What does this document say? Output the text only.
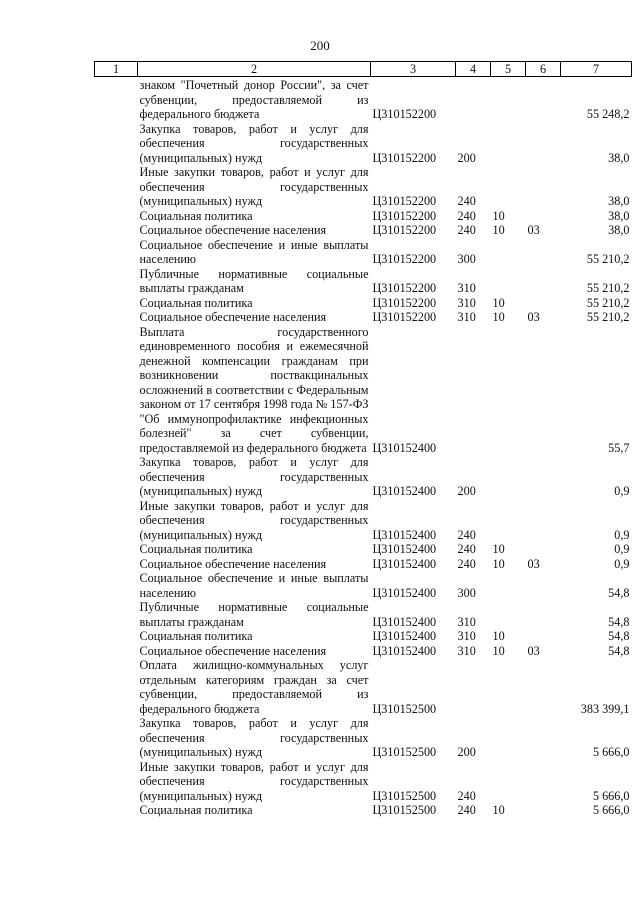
200
1	2	3	4	5	6	7
	знаком "Почетный донор России", за счет субвенции, предоставляемой из федерального бюджета	Ц310152200				55 248,2
	Закупка товаров, работ и услуг для обеспечения государственных (муниципальных) нужд	Ц310152200	200			38,0
	Иные закупки товаров, работ и услуг для обеспечения государственных (муниципальных) нужд	Ц310152200	240			38,0
	Социальная политика	Ц310152200	240	10		38,0
	Социальное обеспечение населения	Ц310152200	240	10	03	38,0
	Социальное обеспечение и иные выплаты населению	Ц310152200	300			55 210,2
	Публичные нормативные социальные выплаты гражданам	Ц310152200	310			55 210,2
	Социальная политика	Ц310152200	310	10		55 210,2
	Социальное обеспечение населения	Ц310152200	310	10	03	55 210,2
	Выплата государственного единовременного пособия и ежемесячной денежной компенсации гражданам при возникновении поствакцинальных осложнений в соответствии с Федеральным законом от 17 сентября 1998 года № 157-ФЗ "Об иммунопрофилактике инфекционных болезней" за счет субвенции, предоставляемой из федерального бюджета	Ц310152400				55,7
	Закупка товаров, работ и услуг для обеспечения государственных (муниципальных) нужд	Ц310152400	200			0,9
	Иные закупки товаров, работ и услуг для обеспечения государственных (муниципальных) нужд	Ц310152400	240			0,9
	Социальная политика	Ц310152400	240	10		0,9
	Социальное обеспечение населения	Ц310152400	240	10	03	0,9
	Социальное обеспечение и иные выплаты населению	Ц310152400	300			54,8
	Публичные нормативные социальные выплаты гражданам	Ц310152400	310			54,8
	Социальная политика	Ц310152400	310	10		54,8
	Социальное обеспечение населения	Ц310152400	310	10	03	54,8
	Оплата жилищно-коммунальных услуг отдельным категориям граждан за счет субвенции, предоставляемой из федерального бюджета	Ц310152500				383 399,1
	Закупка товаров, работ и услуг для обеспечения государственных (муниципальных) нужд	Ц310152500	200			5 666,0
	Иные закупки товаров, работ и услуг для обеспечения государственных (муниципальных) нужд	Ц310152500	240			5 666,0
	Социальная политика	Ц310152500	240	10		5 666,0
